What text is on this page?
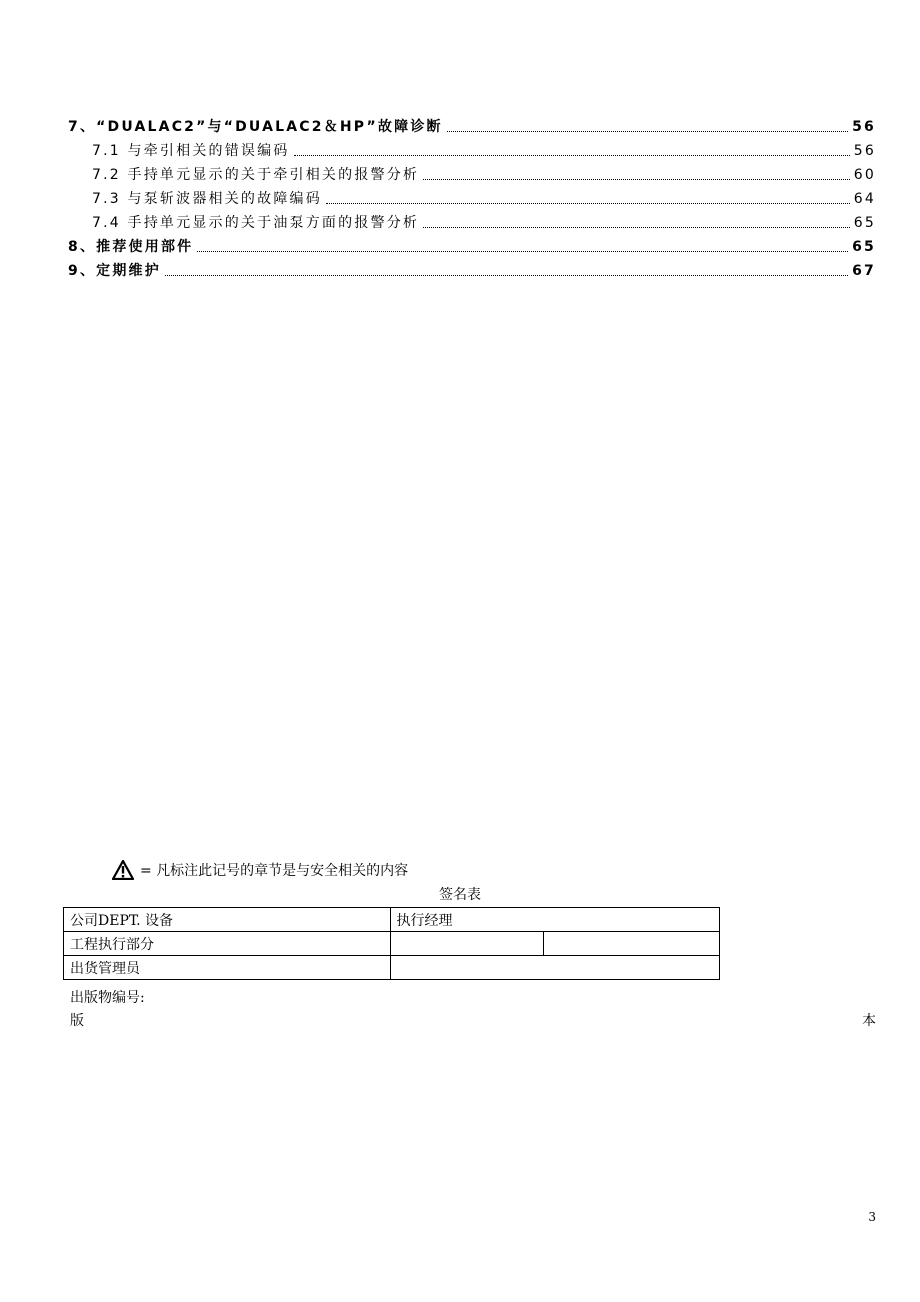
7、“DUALAC2”与“DUALAC2＆HP”故障诊断	56
7.1 与牵引相关的错误编码	56
7.2 手持单元显示的关于牵引相关的报警分析	60
7.3 与泵斩波器相关的故障编码	64
7.4 手持单元显示的关于油泵方面的报警分析	65
8、推荐使用部件	65
9、定期维护	67
= 凡标注此记号的章节是与安全相关的内容
签名表
公司DEPT. 设备	执行经理	
工程执行部分		
出货管理员		
出版物编号:
版	本
3
